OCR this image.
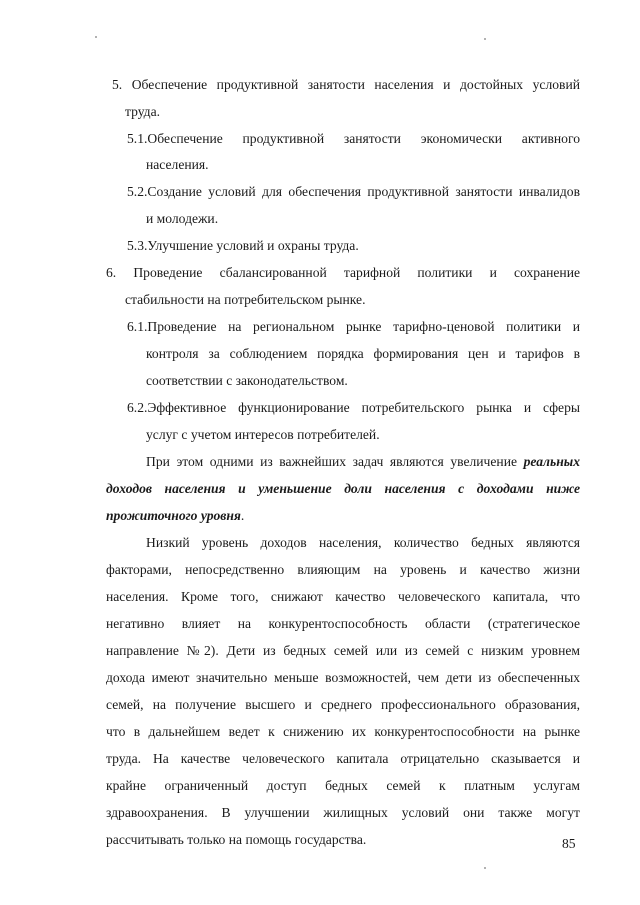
5. Обеспечение продуктивной занятости населения и достойных условий
труда.
5.1.Обеспечение продуктивной занятости экономически активного
населения.
5.2.Создание условий для обеспечения продуктивной занятости инвалидов
и молодежи.
5.3.Улучшение условий и охраны труда.
6. Проведение сбалансированной тарифной политики и сохранение
стабильности на потребительском рынке.
6.1.Проведение на региональном рынке тарифно-ценовой политики и
контроля за соблюдением порядка формирования цен и тарифов в
соответствии с законодательством.
6.2.Эффективное функционирование потребительского рынка и сферы
услуг с учетом интересов потребителей.
При этом одними из важнейших задач являются увеличение реальных
доходов населения и уменьшение доли населения с доходами ниже
прожиточного уровня.
Низкий уровень доходов населения, количество бедных являются
факторами, непосредственно влияющим на уровень и качество жизни
населения. Кроме того, снижают качество человеческого капитала, что
негативно влияет на конкурентоспособность области (стратегическое
направление №2). Дети из бедных семей или из семей с низким уровнем
дохода имеют значительно меньше возможностей, чем дети из обеспеченных
семей, на получение высшего и среднего профессионального образования,
что в дальнейшем ведет к снижению их конкурентоспособности на рынке
труда. На качестве человеческого капитала отрицательно сказывается и
крайне ограниченный доступ бедных семей к платным услугам
здравоохранения. В улучшении жилищных условий они также могут
рассчитывать только на помощь государства.	85
